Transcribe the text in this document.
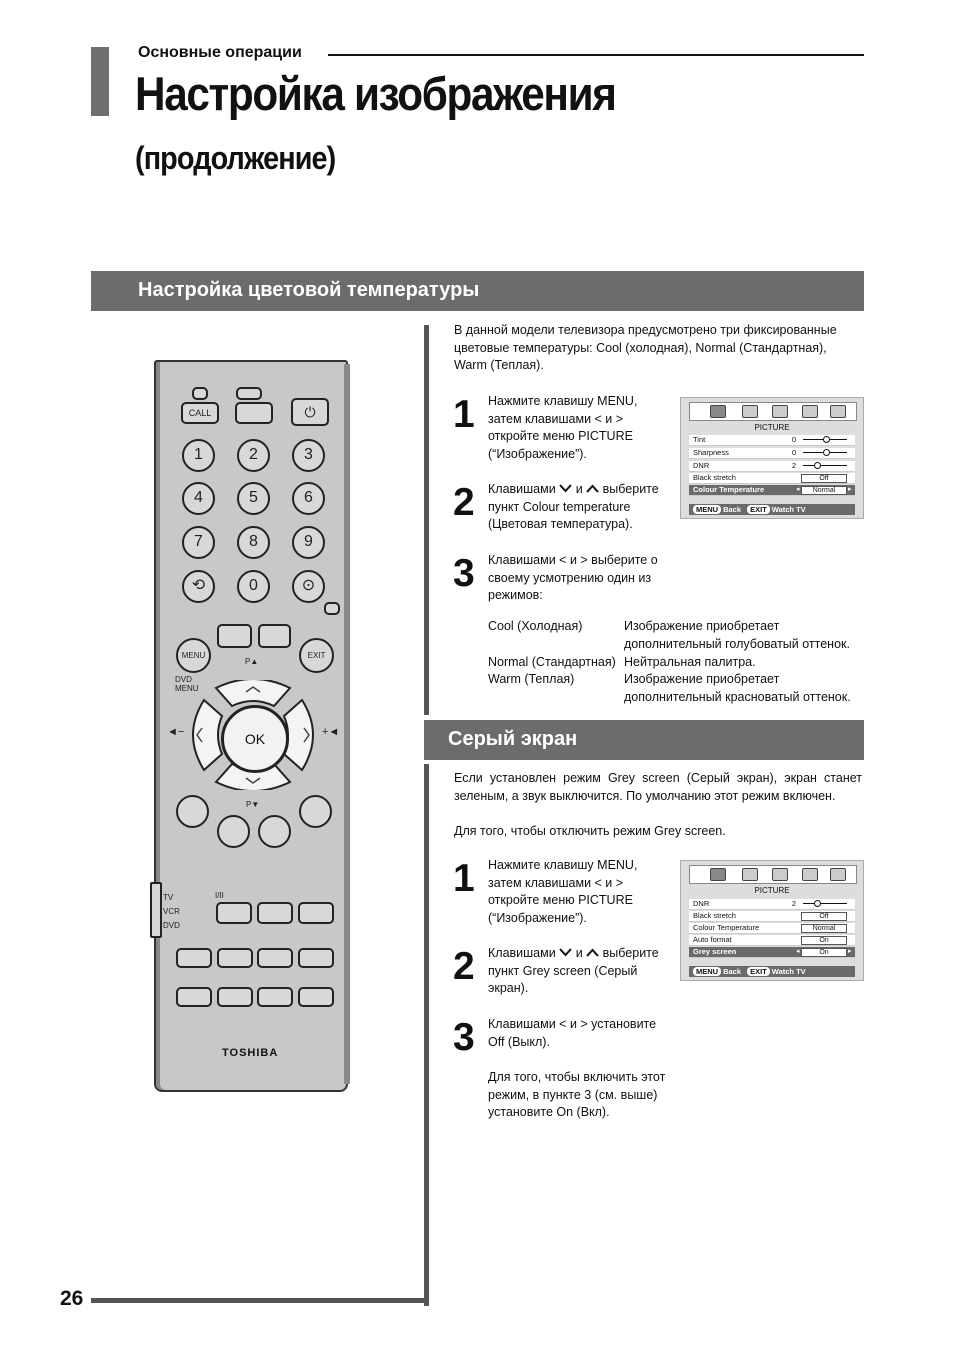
Основные операции
Настройка изображения
(продолжение)
Настройка цветовой температуры
26
В данной модели телевизора предусмотрено три фиксированные цветовые температуры: Cool (холодная), Normal (Стандартная), Warm (Теплая).
1 Нажмите клавишу MENU, затем клавишами < и > откройте меню PICTURE (“Изображение”).
2 Клавишами и выберите пункт Colour temperature (Цветовая температура).
3 Клавишами < и > выберите о своему усмотрению один из режимов:
Cool (Холодная)	Изображение приобретает дополнительный голубоватый оттенок.
Normal (Стандартная) Нейтральная палитра.
Warm (Теплая)	Изображение приобретает дополнительный красноватый оттенок.
PICTURE
Tint	0
Sharpness	0
DNR	2
Black stretch	Off
Colour Temperature	◂	Normal	▸
MENU Back EXIT Watch TV
Серый экран
Если установлен режим Grey screen (Серый экран), экран станет зеленым, а звук выключится. По умолчанию этот режим включен.
Для того, чтобы отключить режим Grey screen.
1 Нажмите клавишу MENU, затем клавишами < и > откройте меню PICTURE (“Изображение”).
2 Клавишами и выберите пункт Grey screen (Серый экран).
3 Клавишами < и > установите Off (Выкл).
Для того, чтобы включить этот режим, в пункте 3 (см. выше) установите On (Вкл).
PICTURE
DNR	2
Black stretch	Off
Colour Temperature	Normal
Auto format	On
Grey screen	◂	On	▸
MENU Back EXIT Watch TV
CALL	⏻
1	2	3
4	5	6
7	8	9
⟲	0	⊙
MENU	EXIT
DVD MENU
P▲
OK
◄−	+◄
P▼
TV
VCR
DVD
I/II
TOSHIBA
